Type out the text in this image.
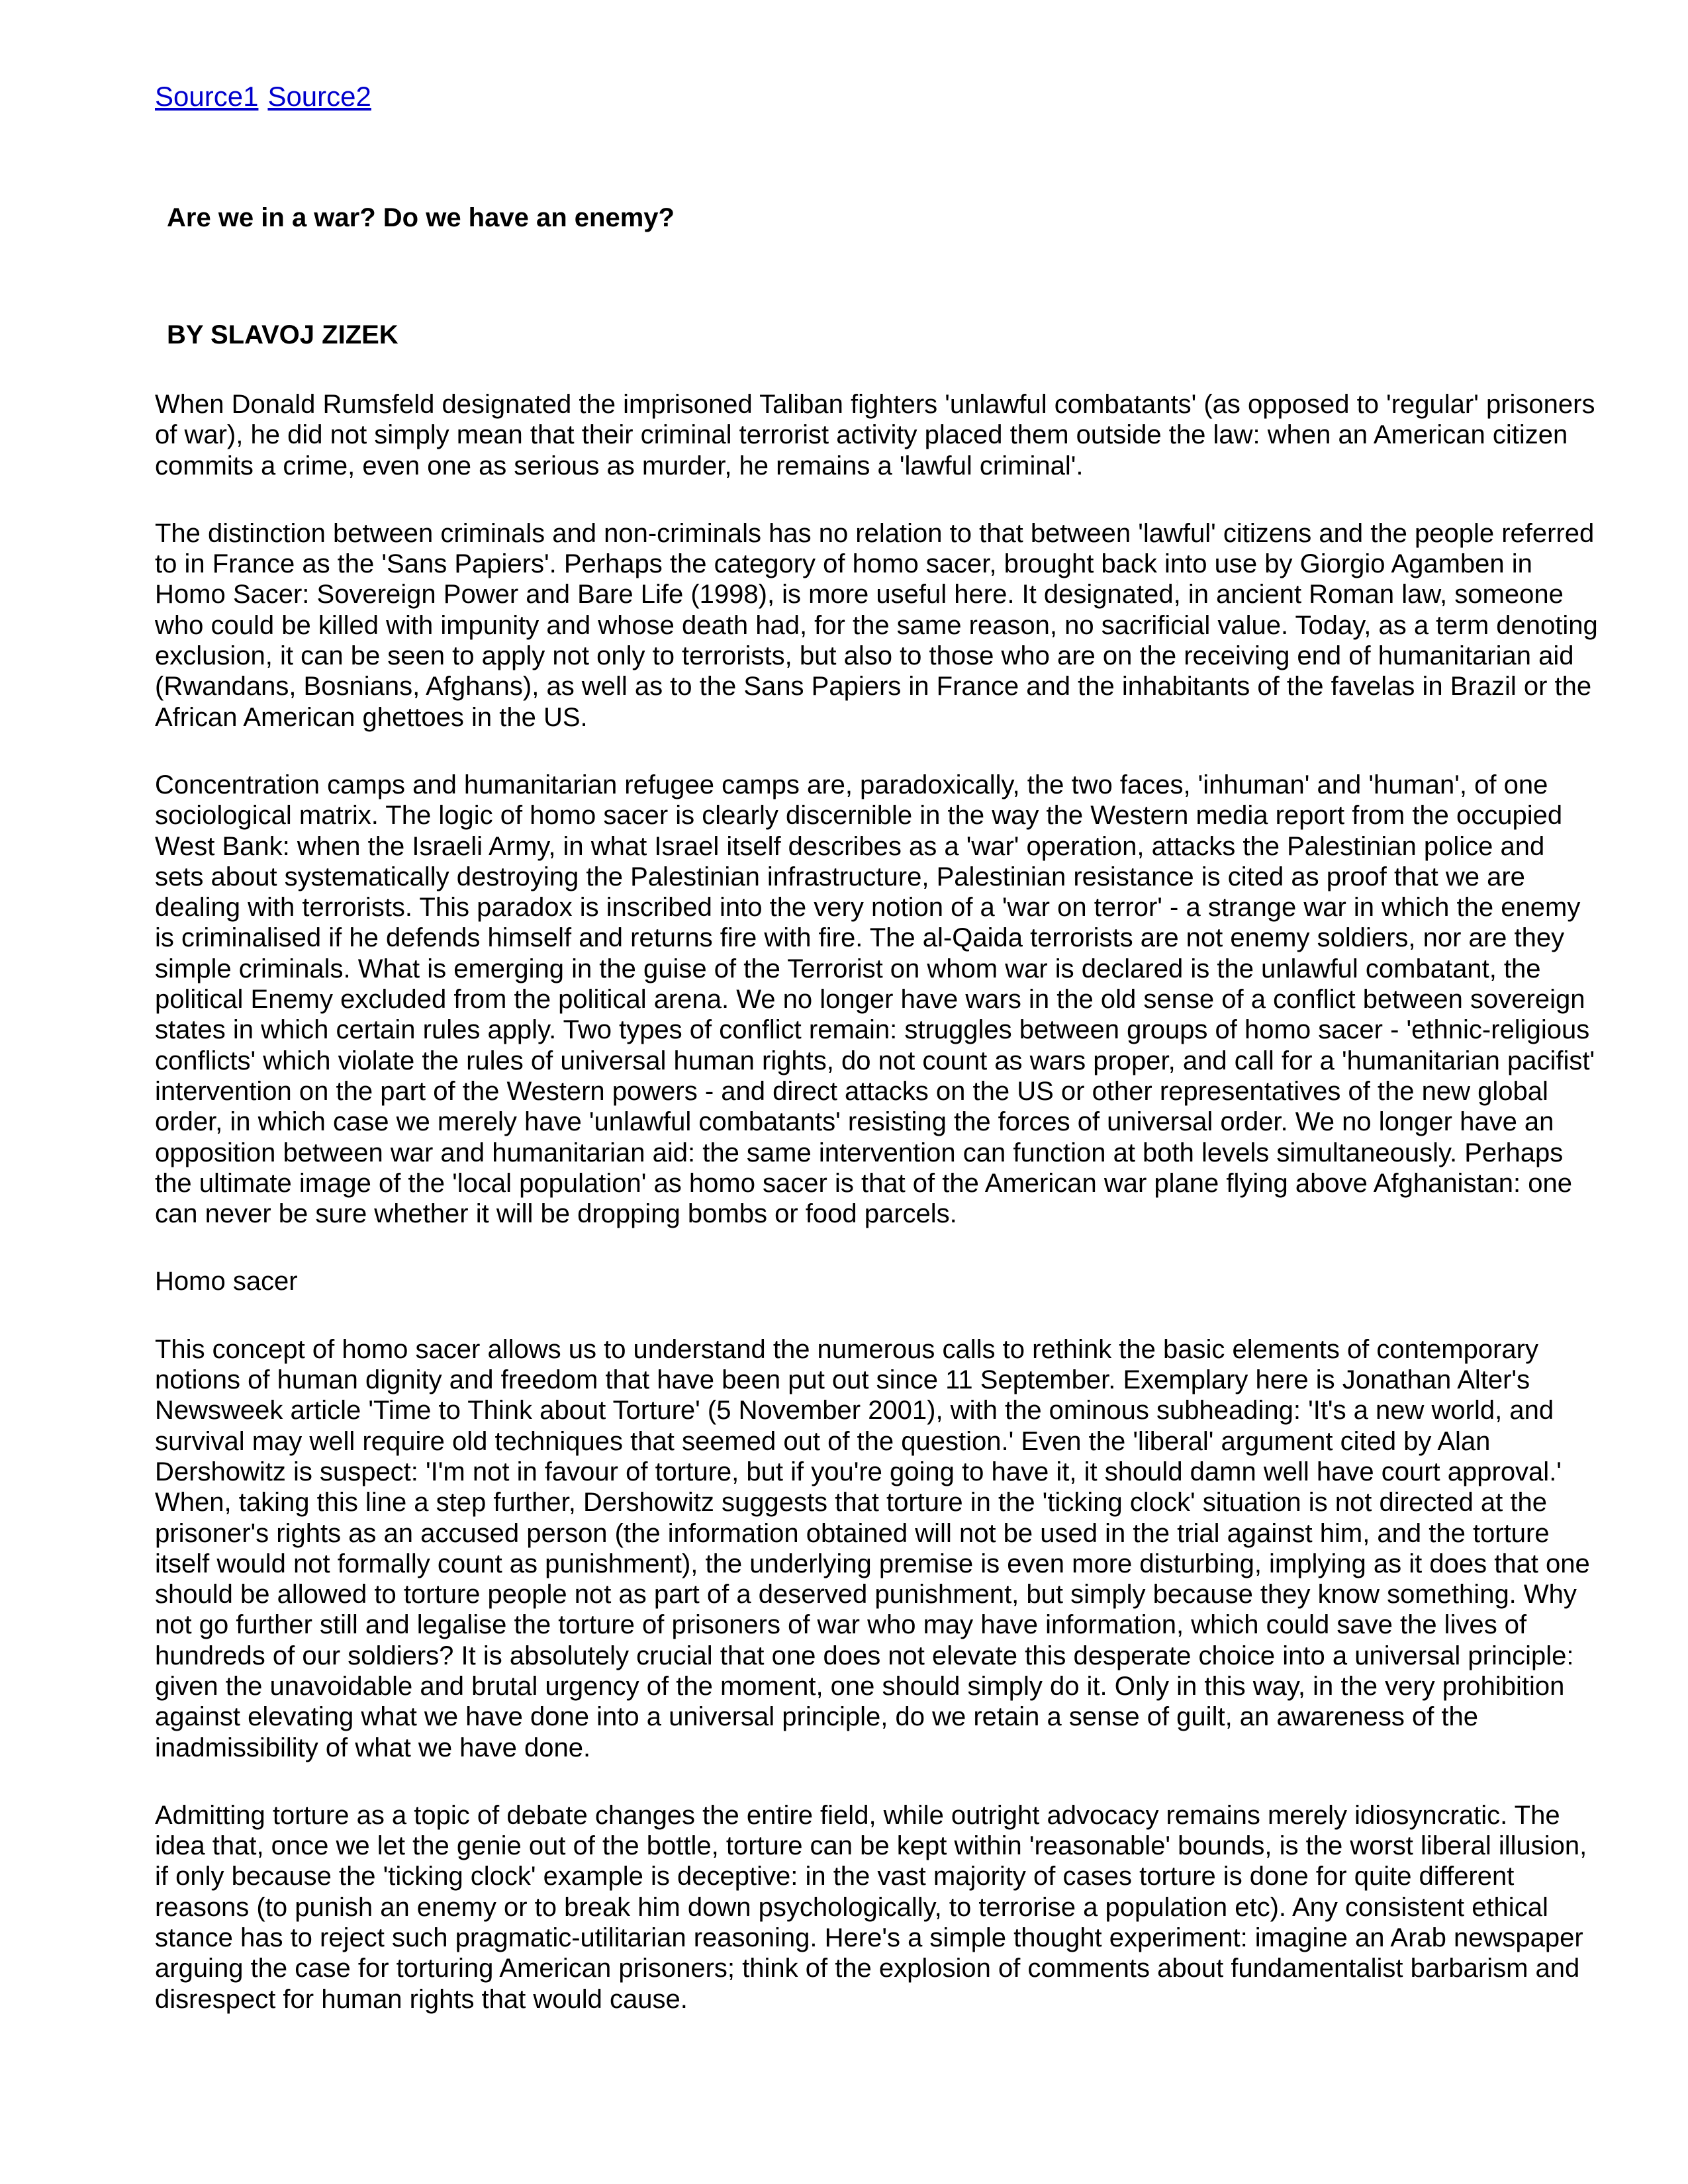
Source1 Source2
Are we in a war? Do we have an enemy?
BY SLAVOJ ZIZEK

When Donald Rumsfeld designated the imprisoned Taliban fighters 'unlawful combatants' (as opposed to 'regular' prisoners of war), he did not simply mean that their criminal terrorist activity placed them outside the law: when an American citizen commits a crime, even one as serious as murder, he remains a 'lawful criminal'.

The distinction between criminals and non-criminals has no relation to that between 'lawful' citizens and the people referred to in France as the 'Sans Papiers'. Perhaps the category of homo sacer, brought back into use by Giorgio Agamben in Homo Sacer: Sovereign Power and Bare Life (1998), is more useful here. It designated, in ancient Roman law, someone who could be killed with impunity and whose death had, for the same reason, no sacrificial value. Today, as a term denoting exclusion, it can be seen to apply not only to terrorists, but also to those who are on the receiving end of humanitarian aid (Rwandans, Bosnians, Afghans), as well as to the Sans Papiers in France and the inhabitants of the favelas in Brazil or the African American ghettoes in the US.

Concentration camps and humanitarian refugee camps are, paradoxically, the two faces, 'inhuman' and 'human', of one sociological matrix. The logic of homo sacer is clearly discernible in the way the Western media report from the occupied West Bank: when the Israeli Army, in what Israel itself describes as a 'war' operation, attacks the Palestinian police and sets about systematically destroying the Palestinian infrastructure, Palestinian resistance is cited as proof that we are dealing with terrorists. This paradox is inscribed into the very notion of a 'war on terror' - a strange war in which the enemy is criminalised if he defends himself and returns fire with fire. The al-Qaida terrorists are not enemy soldiers, nor are they simple criminals. What is emerging in the guise of the Terrorist on whom war is declared is the unlawful combatant, the political Enemy excluded from the political arena. We no longer have wars in the old sense of a conflict between sovereign states in which certain rules apply. Two types of conflict remain: struggles between groups of homo sacer - 'ethnic-religious conflicts' which violate the rules of universal human rights, do not count as wars proper, and call for a 'humanitarian pacifist' intervention on the part of the Western powers - and direct attacks on the US or other representatives of the new global order, in which case we merely have 'unlawful combatants' resisting the forces of universal order. We no longer have an opposition between war and humanitarian aid: the same intervention can function at both levels simultaneously. Perhaps the ultimate image of the 'local population' as homo sacer is that of the American war plane flying above Afghanistan: one can never be sure whether it will be dropping bombs or food parcels.

Homo sacer

This concept of homo sacer allows us to understand the numerous calls to rethink the basic elements of contemporary notions of human dignity and freedom that have been put out since 11 September. Exemplary here is Jonathan Alter's Newsweek article 'Time to Think about Torture' (5 November 2001), with the ominous subheading: 'It's a new world, and survival may well require old techniques that seemed out of the question.' Even the 'liberal' argument cited by Alan Dershowitz is suspect: 'I'm not in favour of torture, but if you're going to have it, it should damn well have court approval.' When, taking this line a step further, Dershowitz suggests that torture in the 'ticking clock' situation is not directed at the prisoner's rights as an accused person (the information obtained will not be used in the trial against him, and the torture itself would not formally count as punishment), the underlying premise is even more disturbing, implying as it does that one should be allowed to torture people not as part of a deserved punishment, but simply because they know something. Why not go further still and legalise the torture of prisoners of war who may have information, which could save the lives of hundreds of our soldiers? It is absolutely crucial that one does not elevate this desperate choice into a universal principle: given the unavoidable and brutal urgency of the moment, one should simply do it. Only in this way, in the very prohibition against elevating what we have done into a universal principle, do we retain a sense of guilt, an awareness of the inadmissibility of what we have done.

Admitting torture as a topic of debate changes the entire field, while outright advocacy remains merely idiosyncratic. The idea that, once we let the genie out of the bottle, torture can be kept within 'reasonable' bounds, is the worst liberal illusion, if only because the 'ticking clock' example is deceptive: in the vast majority of cases torture is done for quite different reasons (to punish an enemy or to break him down psychologically, to terrorise a population etc). Any consistent ethical stance has to reject such pragmatic-utilitarian reasoning. Here's a simple thought experiment: imagine an Arab newspaper arguing the case for torturing American prisoners; think of the explosion of comments about fundamentalist barbarism and disrespect for human rights that would cause.
